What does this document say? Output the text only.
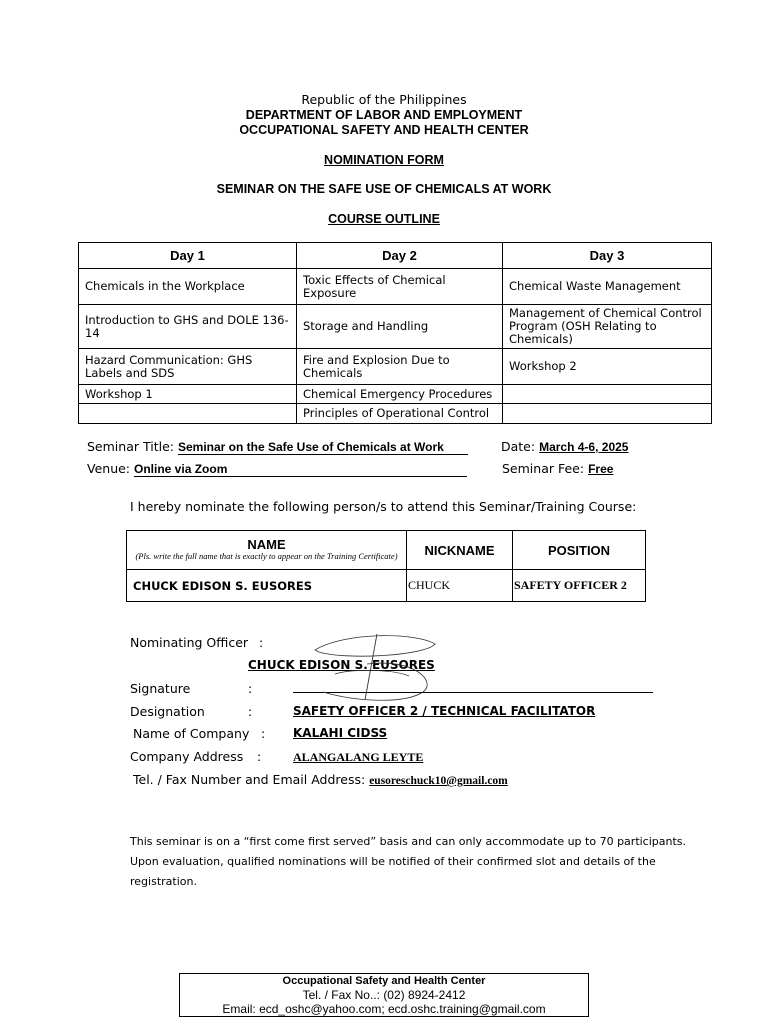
Republic of the Philippines
DEPARTMENT OF LABOR AND EMPLOYMENT
OCCUPATIONAL SAFETY AND HEALTH CENTER
NOMINATION FORM
SEMINAR ON THE SAFE USE OF CHEMICALS AT WORK
COURSE OUTLINE
Day 1	Day 2	Day 3
Chemicals in the Workplace	Toxic Effects of Chemical Exposure	Chemical Waste Management
Introduction to GHS and DOLE 136-14	Storage and Handling	Management of Chemical Control Program (OSH Relating to Chemicals)
Hazard Communication: GHS Labels and SDS	Fire and Explosion Due to Chemicals	Workshop 2
Workshop 1	Chemical Emergency Procedures	
	Principles of Operational Control	
Seminar Title: Seminar on the Safe Use of Chemicals at Work	Date: March 4-6, 2025
Venue: Online via Zoom	Seminar Fee: Free
I hereby nominate the following person/s to attend this Seminar/Training Course:
NAME
(Pls. write the full name that is exactly to appear on the Training Certificate)	NICKNAME	POSITION
CHUCK EDISON S. EUSORES	CHUCK	SAFETY OFFICER 2
Nominating Officer :
CHUCK EDISON S. EUSORES
Signature	:
Designation	:	SAFETY OFFICER 2 / TECHNICAL FACILITATOR
Name of Company : KALAHI CIDSS
Company Address :	ALANGALANG LEYTE
Tel. / Fax Number and Email Address: eusoreschuck10@gmail.com
This seminar is on a “first come first served” basis and can only accommodate up to 70 participants.
Upon evaluation, qualified nominations will be notified of their confirmed slot and details of the
registration.
Occupational Safety and Health Center
Tel. / Fax No..: (02) 8924-2412
Email: ecd_oshc@yahoo.com; ecd.oshc.training@gmail.com
